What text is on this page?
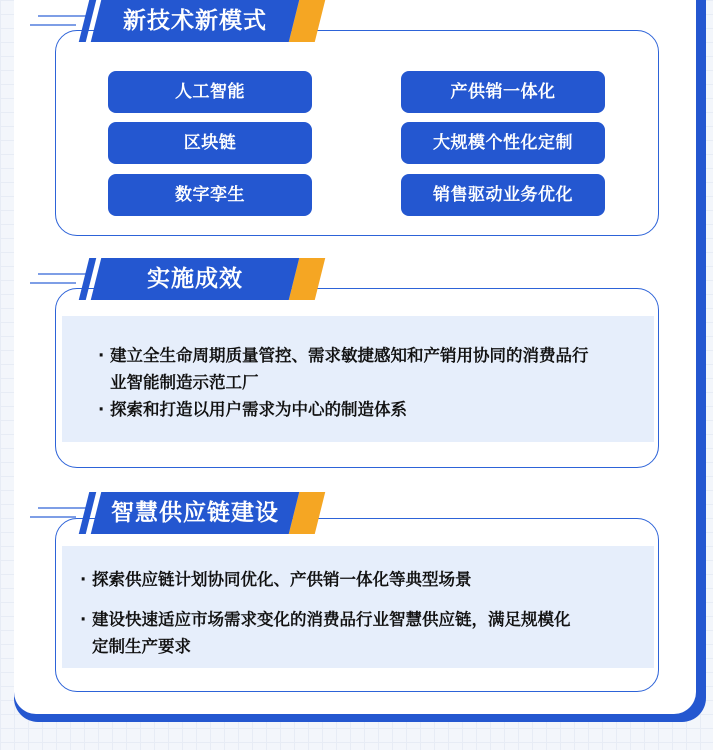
新技术新模式
人工智能	产供销一体化
区块链	大规模个性化定制
数字孪生	销售驱动业务优化
实施成效
· 建立全生命周期质量管控、需求敏捷感知和产销用协同的消费品行
业智能制造示范工厂
· 探索和打造以用户需求为中心的制造体系
智慧供应链建设
· 探索供应链计划协同优化、产供销一体化等典型场景
· 建设快速适应市场需求变化的消费品行业智慧供应链，满足规模化
定制生产要求
